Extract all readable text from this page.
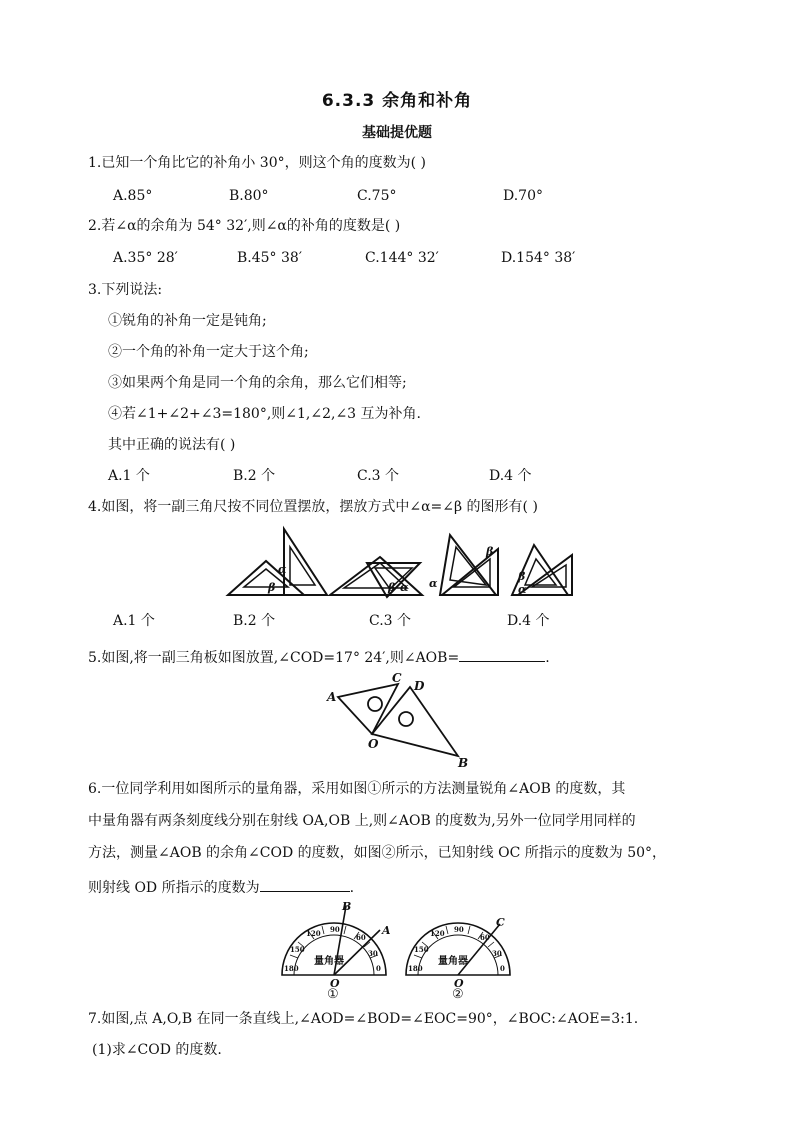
6.3.3 余角和补角
基础提优题
1.已知一个角比它的补角小 30°，则这个角的度数为( )
A.85°	B.80°	C.75°	D.70°
2.若∠α的余角为 54° 32′,则∠α的补角的度数是( )
A.35° 28′	B.45° 38′	C.144° 32′	D.154° 38′
3.下列说法:
①锐角的补角一定是钝角;
②一个角的补角一定大于这个角;
③如果两个角是同一个角的余角，那么它们相等;
④若∠1+∠2+∠3=180°,则∠1,∠2,∠3 互为补角.
其中正确的说法有( )
A.1 个	B.2 个	C.3 个	D.4 个
4.如图，将一副三角尺按不同位置摆放，摆放方式中∠α=∠β 的图形有( )
α
β	β α α
β
β
α
A.1 个	B.2 个	C.3 个	D.4 个
5.如图,将一副三角板如图放置,∠COD=17° 24′,则∠AOB=	.
A
C
D
O
B
6.一位同学利用如图所示的量角器，采用如图①所示的方法测量锐角∠AOB 的度数，其
中量角器有两条刻度线分别在射线 OA,OB 上,则∠AOB 的度数为,另外一位同学用同样的
方法，测量∠AOB 的余角∠COD 的度数，如图②所示，已知射线 OC 所指示的度数为 50°，
则射线 OD 所指示的度数为	.
180
150
120 90
60
30
0	180
150
120 90
60
30
0
量角器	量角器
B
A
O
C
O
①	②
7.如图,点 A,O,B 在同一条直线上,∠AOD=∠BOD=∠EOC=90°，∠BOC:∠AOE=3:1.
(1)求∠COD 的度数.
